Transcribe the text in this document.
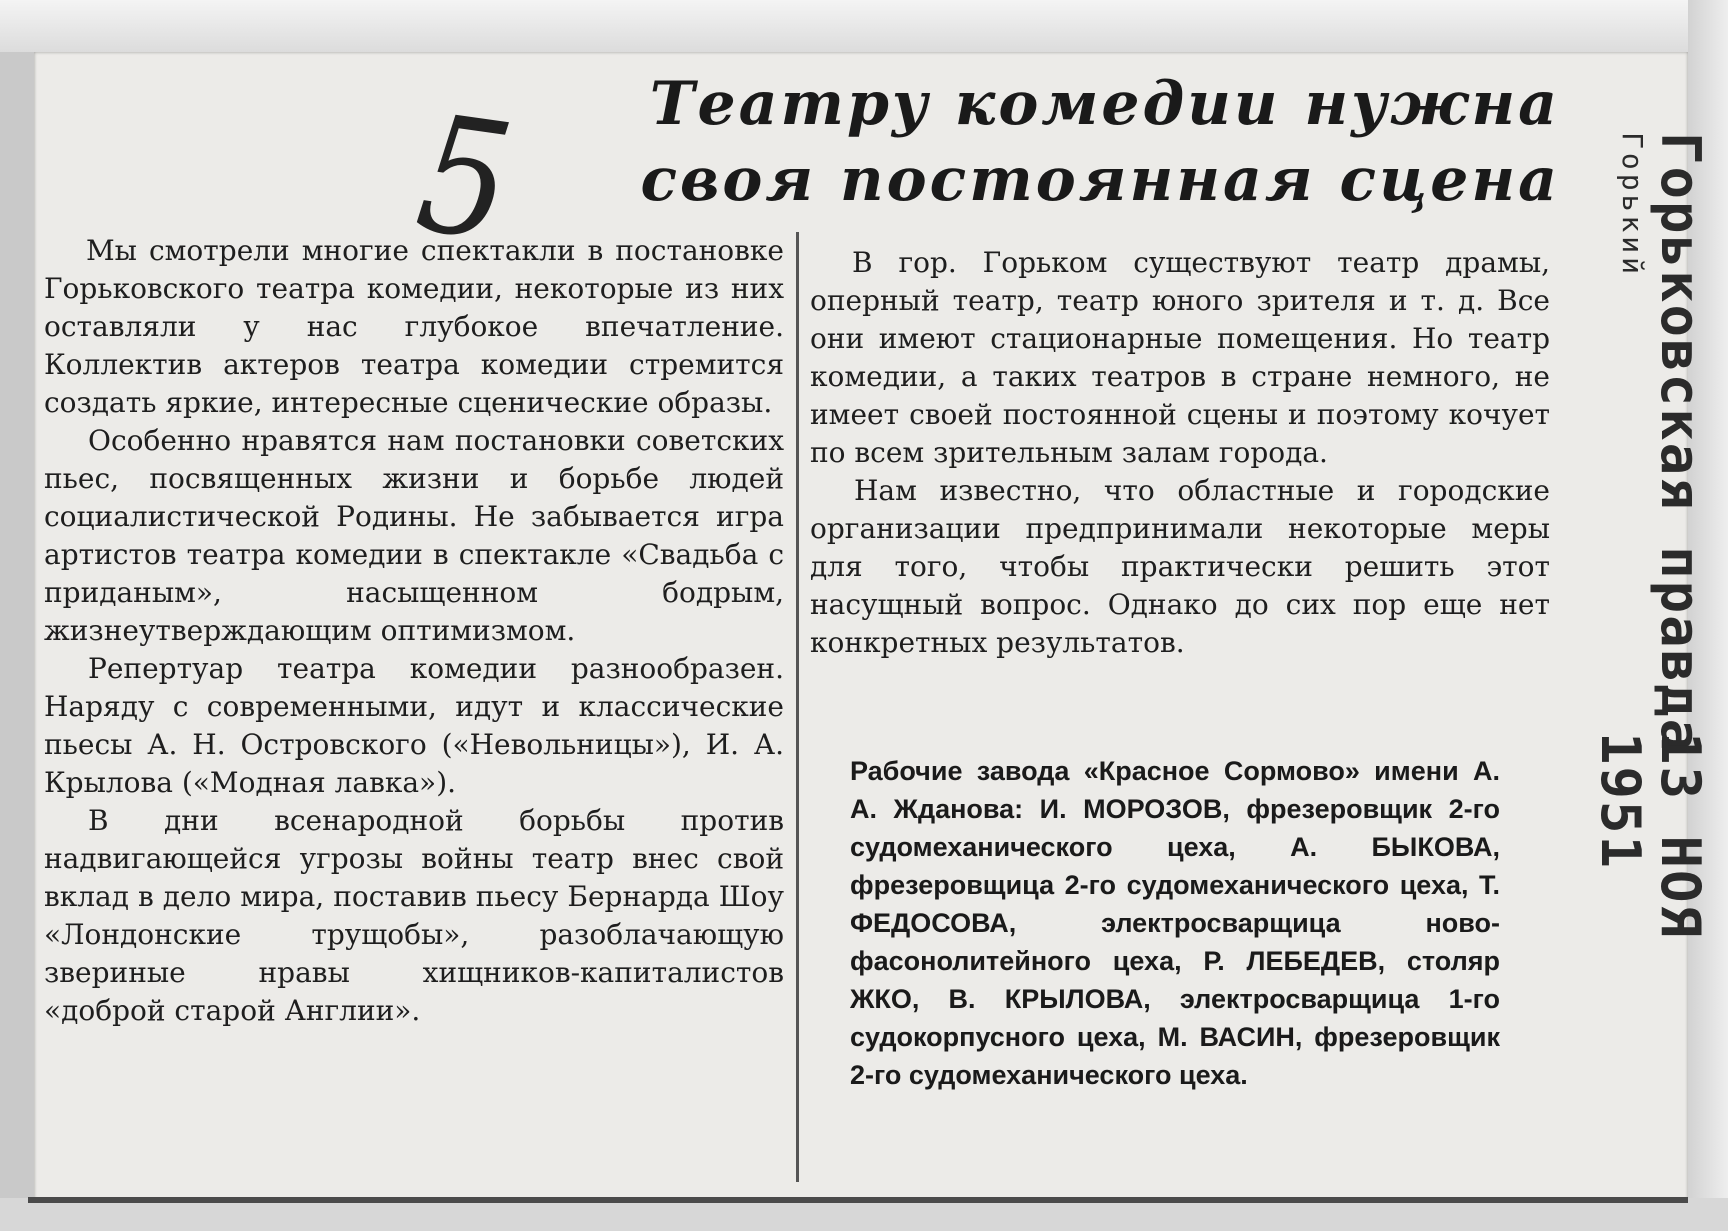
5 Театру комедии нужна
своя постоянная сцена

Мы смотрели многие спектакли в постановке Горьковского театра комедии, некоторые из них оставляли у нас глубокое впечатление. Коллектив актеров театра комедии стремится создать яркие, интересные сценические образы.

Особенно нравятся нам постановки советских пьес, посвященных жизни и борьбе людей социалистической Родины. Не забывается игра артистов театра комедии в спектакле «Свадьба с приданым», насыщенном бодрым, жизнеутверждающим оптимизмом.

Репертуар театра комедии разнообразен. Наряду с современными, идут и классические пьесы А. Н. Островского («Невольницы»), И. А. Крылова («Модная лавка»).

В дни всенародной борьбы против надвигающейся угрозы войны театр внес свой вклад в дело мира, поставив пьесу Бернарда Шоу «Лондонские трущобы», разоблачающую звериные нравы хищников-капиталистов «доброй старой Англии».

В гор. Горьком существуют театр драмы, оперный театр, театр юного зрителя и т. д. Все они имеют стационарные помещения. Но театр комедии, а таких театров в стране немного, не имеет своей постоянной сцены и поэтому кочует по всем зрительным залам города.

Нам известно, что областные и городские организации предпринимали некоторые меры для того, чтобы практически решить этот насущный вопрос. Однако до сих пор еще нет конкретных результатов.

Рабочие завода «Красное Сормово» имени А. А. Жданова: И. МОРОЗОВ, фрезеровщик 2-го судомеханического цеха, А. БЫКОВА, фрезеровщица 2-го судомеханического цеха, Т. ФЕДОСОВА, электросварщица ново-фасонолитейного цеха, Р. ЛЕБЕДЕВ, столяр ЖКО, В. КРЫЛОВА, электросварщица 1-го судокорпусного цеха, М. ВАСИН, фрезеровщик 2-го судомеханического цеха.
Горьковская правда
Горький
13 НОЯ 1951
